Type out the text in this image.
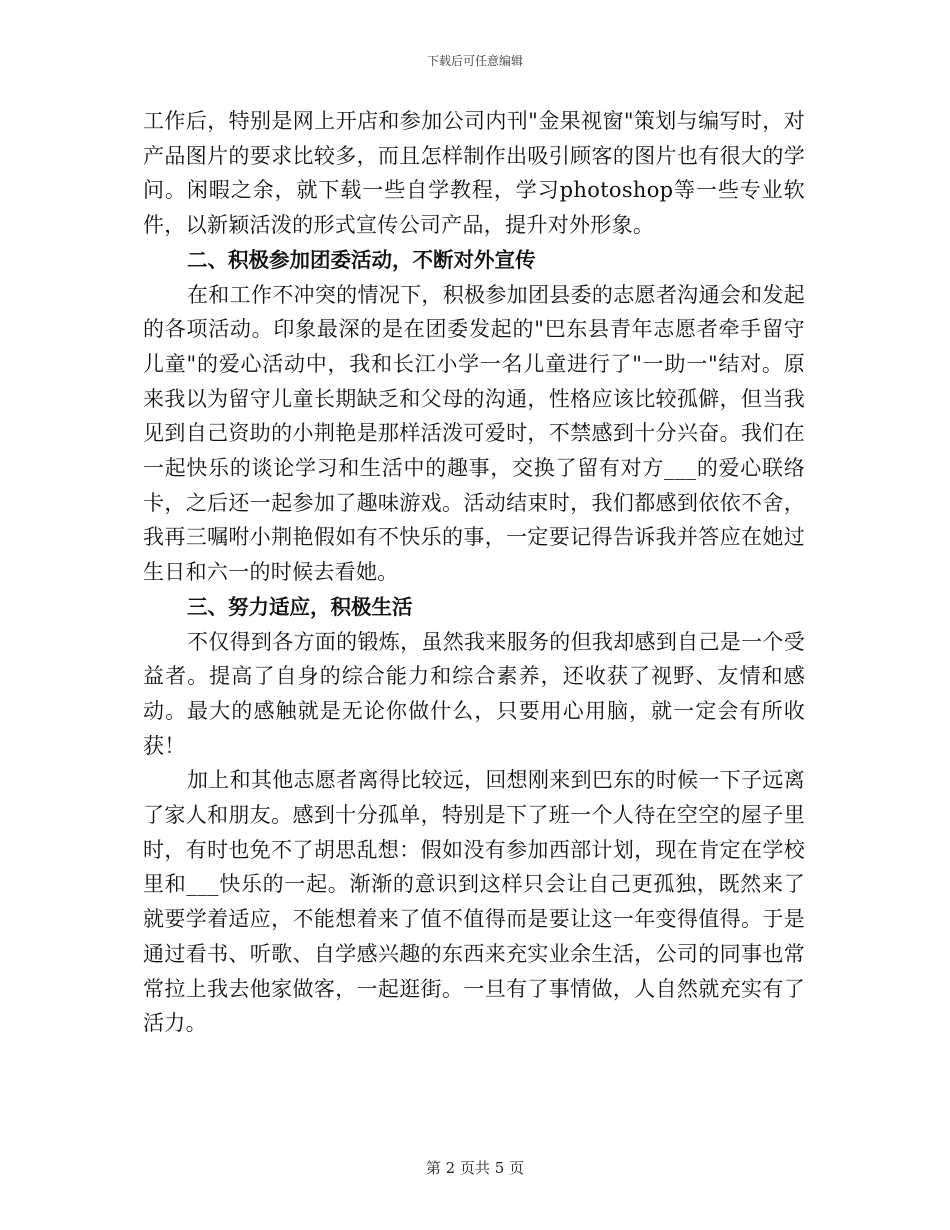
下载后可任意编辑

工作后，特别是网上开店和参加公司内刊"金果视窗"策划与编写时，对产品图片的要求比较多，而且怎样制作出吸引顾客的图片也有很大的学问。闲暇之余，就下载一些自学教程，学习photoshop等一些专业软件，以新颖活泼的形式宣传公司产品，提升对外形象。

二、积极参加团委活动，不断对外宣传

在和工作不冲突的情况下，积极参加团县委的志愿者沟通会和发起的各项活动。印象最深的是在团委发起的"巴东县青年志愿者牵手留守儿童"的爱心活动中，我和长江小学一名儿童进行了"一助一"结对。原来我以为留守儿童长期缺乏和父母的沟通，性格应该比较孤僻，但当我见到自己资助的小荆艳是那样活泼可爱时，不禁感到十分兴奋。我们在一起快乐的谈论学习和生活中的趣事，交换了留有对方___的爱心联络卡，之后还一起参加了趣味游戏。活动结束时，我们都感到依依不舍，我再三嘱咐小荆艳假如有不快乐的事，一定要记得告诉我并答应在她过生日和六一的时候去看她。

三、努力适应，积极生活

不仅得到各方面的锻炼，虽然我来服务的但我却感到自己是一个受益者。提高了自身的综合能力和综合素养，还收获了视野、友情和感动。最大的感触就是无论你做什么，只要用心用脑，就一定会有所收获！

加上和其他志愿者离得比较远，回想刚来到巴东的时候一下子远离了家人和朋友。感到十分孤单，特别是下了班一个人待在空空的屋子里时，有时也免不了胡思乱想：假如没有参加西部计划，现在肯定在学校里和___快乐的一起。渐渐的意识到这样只会让自己更孤独，既然来了就要学着适应，不能想着来了值不值得而是要让这一年变得值得。于是通过看书、听歌、自学感兴趣的东西来充实业余生活，公司的同事也常常拉上我去他家做客，一起逛街。一旦有了事情做，人自然就充实有了活力。

第 2 页共 5 页
